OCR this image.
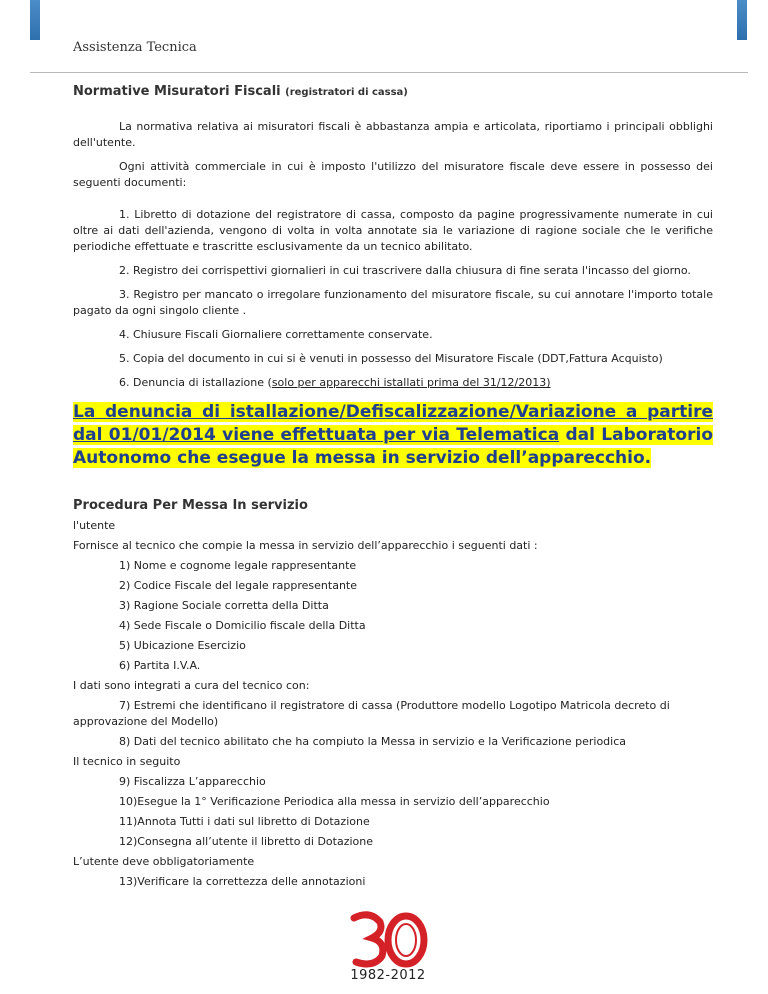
Assistenza Tecnica
Normative Misuratori Fiscali (registratori di cassa)

La normativa relativa ai misuratori fiscali è abbastanza ampia e articolata, riportiamo i principali obblighi dell'utente.

Ogni attività commerciale in cui è imposto l'utilizzo del misuratore fiscale deve essere in possesso dei seguenti documenti:

1. Libretto di dotazione del registratore di cassa, composto da pagine progressivamente numerate in cui oltre ai dati dell'azienda, vengono di volta in volta annotate sia le variazione di ragione sociale che le verifiche periodiche effettuate e trascritte esclusivamente da un tecnico abilitato.

2. Registro dei corrispettivi giornalieri in cui trascrivere dalla chiusura di fine serata l'incasso del giorno.

3. Registro per mancato o irregolare funzionamento del misuratore fiscale, su cui annotare l'importo totale pagato da ogni singolo cliente .

4. Chiusure Fiscali Giornaliere correttamente conservate.

5. Copia del documento in cui si è venuti in possesso del Misuratore Fiscale (DDT,Fattura Acquisto)

6. Denuncia di istallazione (solo per apparecchi istallati prima del 31/12/2013)

La denuncia di istallazione/Defiscalizzazione/Variazione a partire dal 01/01/2014 viene effettuata per via Telematica dal Laboratorio Autonomo che esegue la messa in servizio dell’apparecchio.
Procedura Per Messa In servizio
l'utente
Fornisce al tecnico che compie la messa in servizio dell’apparecchio i seguenti dati :
1) Nome e cognome legale rappresentante
2) Codice Fiscale del legale rappresentante
3) Ragione Sociale corretta della Ditta
4) Sede Fiscale o Domicilio fiscale della Ditta
5) Ubicazione Esercizio
6) Partita I.V.A.
I dati sono integrati a cura del tecnico con:
7) Estremi che identificano il registratore di cassa (Produttore modello Logotipo Matricola decreto di approvazione del Modello)
8) Dati del tecnico abilitato che ha compiuto la Messa in servizio e la Verificazione periodica
Il tecnico in seguito
9) Fiscalizza L’apparecchio
10)Esegue la 1° Verificazione Periodica alla messa in servizio dell’apparecchio
11)Annota Tutti i dati sul libretto di Dotazione
12)Consegna all’utente il libretto di Dotazione
L’utente deve obbligatoriamente
13)Verificare la correttezza delle annotazioni
1982-2012
